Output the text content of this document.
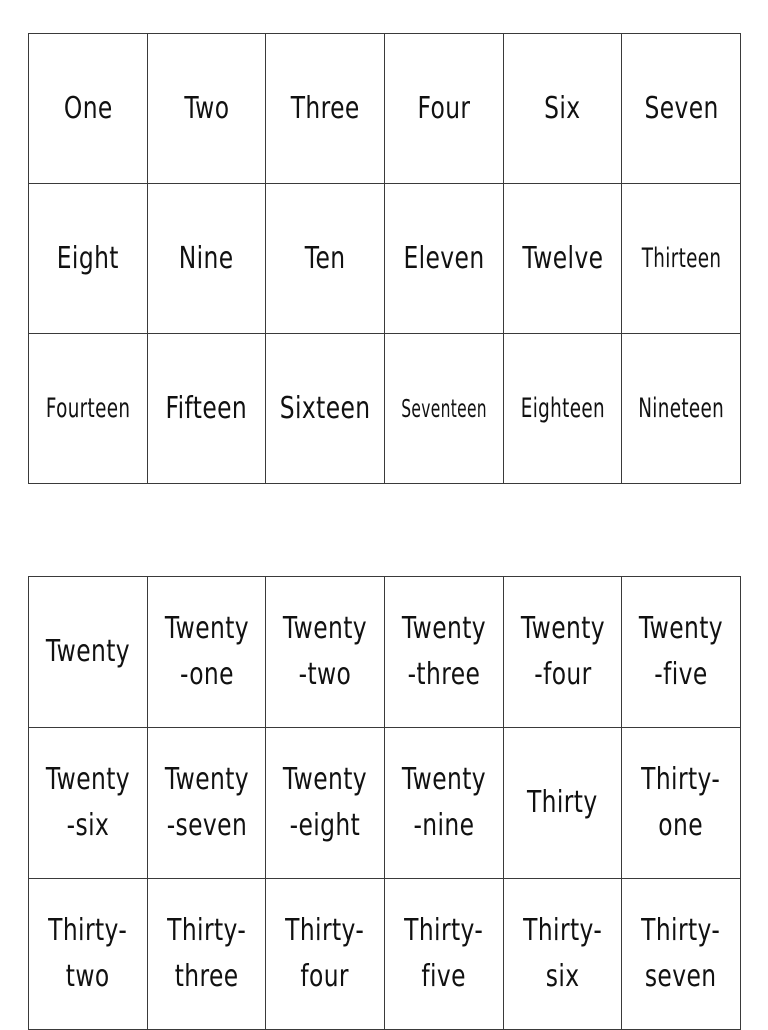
One Two Three Four Six Seven
Eight Nine Ten Eleven Twelve Thirteen
Fourteen Fifteen Sixteen Seventeen Eighteen Nineteen
Twenty
Twenty
-one
Twenty
-two
Twenty
-three
Twenty
-four
Twenty
-five
Twenty
-six
Twenty
-seven
Twenty
-eight
Twenty
-nine
Thirty
Thirty-
one
Thirty-
two
Thirty-
three
Thirty-
four
Thirty-
five
Thirty-
six
Thirty-
seven
